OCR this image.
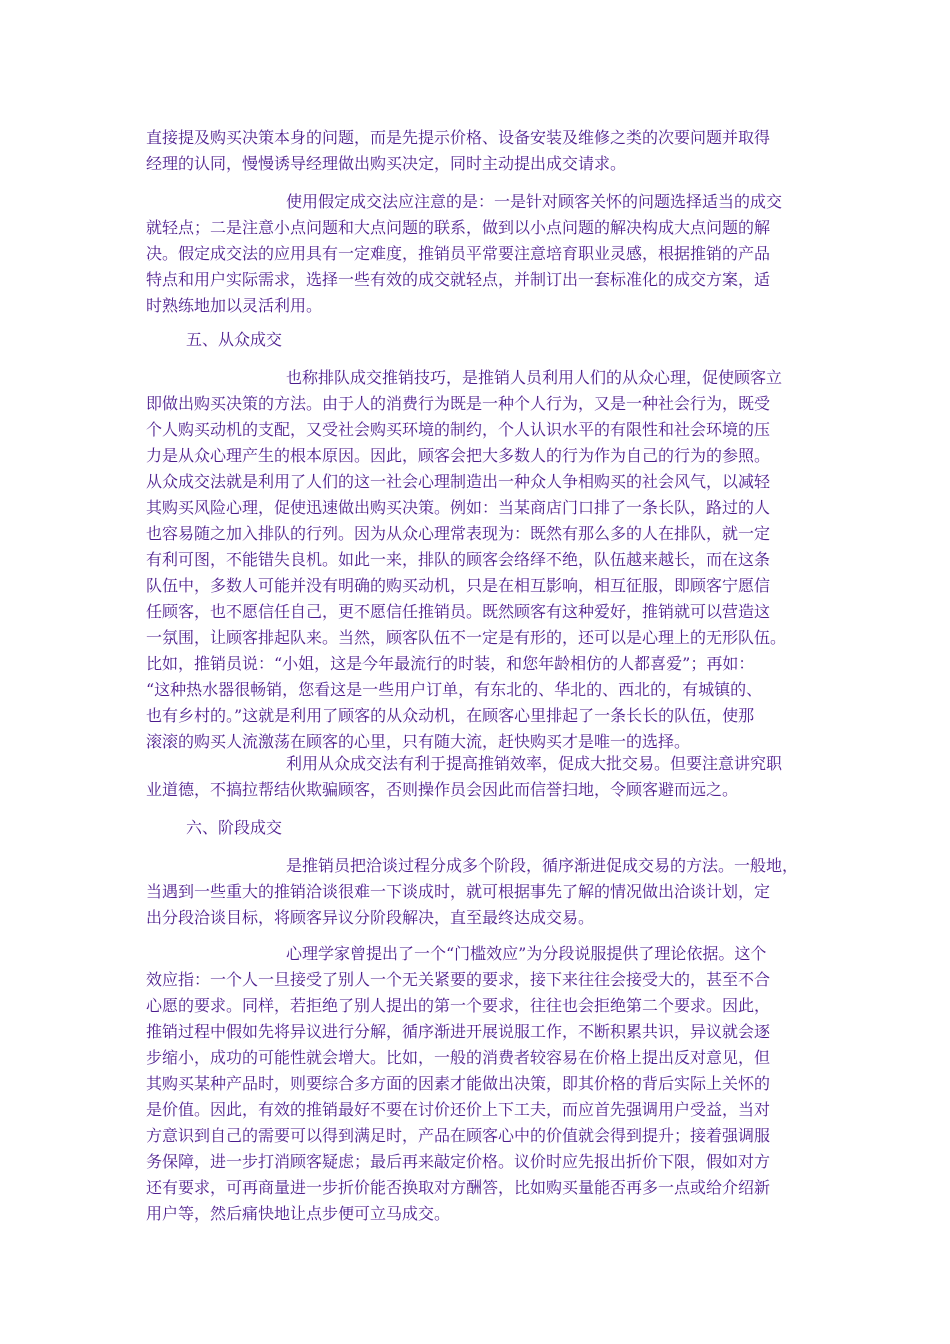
直接提及购买决策本身的问题，而是先提示价格、设备安装及维修之类的次要问题并取得
经理的认同，慢慢诱导经理做出购买决定，同时主动提出成交请求。
使用假定成交法应注意的是：一是针对顾客关怀的问题选择适当的成交
就轻点；二是注意小点问题和大点问题的联系，做到以小点问题的解决构成大点问题的解
决。假定成交法的应用具有一定难度，推销员平常要注意培育职业灵感，根据推销的产品
特点和用户实际需求，选择一些有效的成交就轻点，并制订出一套标准化的成交方案，适
时熟练地加以灵活利用。
五、从众成交
也称排队成交推销技巧，是推销人员利用人们的从众心理，促使顾客立
即做出购买决策的方法。由于人的消费行为既是一种个人行为，又是一种社会行为，既受
个人购买动机的支配，又受社会购买环境的制约，个人认识水平的有限性和社会环境的压
力是从众心理产生的根本原因。因此，顾客会把大多数人的行为作为自己的行为的参照。
从众成交法就是利用了人们的这一社会心理制造出一种众人争相购买的社会风气，以减轻
其购买风险心理，促使迅速做出购买决策。例如：当某商店门口排了一条长队，路过的人
也容易随之加入排队的行列。因为从众心理常表现为：既然有那么多的人在排队，就一定
有利可图，不能错失良机。如此一来，排队的顾客会络绎不绝，队伍越来越长，而在这条
队伍中，多数人可能并没有明确的购买动机，只是在相互影响，相互征服，即顾客宁愿信
任顾客，也不愿信任自己，更不愿信任推销员。既然顾客有这种爱好，推销就可以营造这
一氛围，让顾客排起队来。当然，顾客队伍不一定是有形的，还可以是心理上的无形队伍。
比如，推销员说：“小姐，这是今年最流行的时装，和您年龄相仿的人都喜爱”；再如：
“这种热水器很畅销，您看这是一些用户订单，有东北的、华北的、西北的，有城镇的、
也有乡村的。”这就是利用了顾客的从众动机，在顾客心里排起了一条长长的队伍，使那
滚滚的购买人流激荡在顾客的心里，只有随大流，赶快购买才是唯一的选择。
利用从众成交法有利于提高推销效率，促成大批交易。但要注意讲究职
业道德，不搞拉帮结伙欺骗顾客，否则操作员会因此而信誉扫地，令顾客避而远之。
六、阶段成交
是推销员把洽谈过程分成多个阶段，循序渐进促成交易的方法。一般地，
当遇到一些重大的推销洽谈很难一下谈成时，就可根据事先了解的情况做出洽谈计划，定
出分段洽谈目标，将顾客异议分阶段解决，直至最终达成交易。
心理学家曾提出了一个“门槛效应”为分段说服提供了理论依据。这个
效应指：一个人一旦接受了别人一个无关紧要的要求，接下来往往会接受大的，甚至不合
心愿的要求。同样，若拒绝了别人提出的第一个要求，往往也会拒绝第二个要求。因此，
推销过程中假如先将异议进行分解，循序渐进开展说服工作，不断积累共识，异议就会逐
步缩小，成功的可能性就会增大。比如，一般的消费者较容易在价格上提出反对意见，但
其购买某种产品时，则要综合多方面的因素才能做出决策，即其价格的背后实际上关怀的
是价值。因此，有效的推销最好不要在讨价还价上下工夫，而应首先强调用户受益，当对
方意识到自己的需要可以得到满足时，产品在顾客心中的价值就会得到提升；接着强调服
务保障，进一步打消顾客疑虑；最后再来敲定价格。议价时应先报出折价下限，假如对方
还有要求，可再商量进一步折价能否换取对方酬答，比如购买量能否再多一点或给介绍新
用户等，然后痛快地让点步便可立马成交。
